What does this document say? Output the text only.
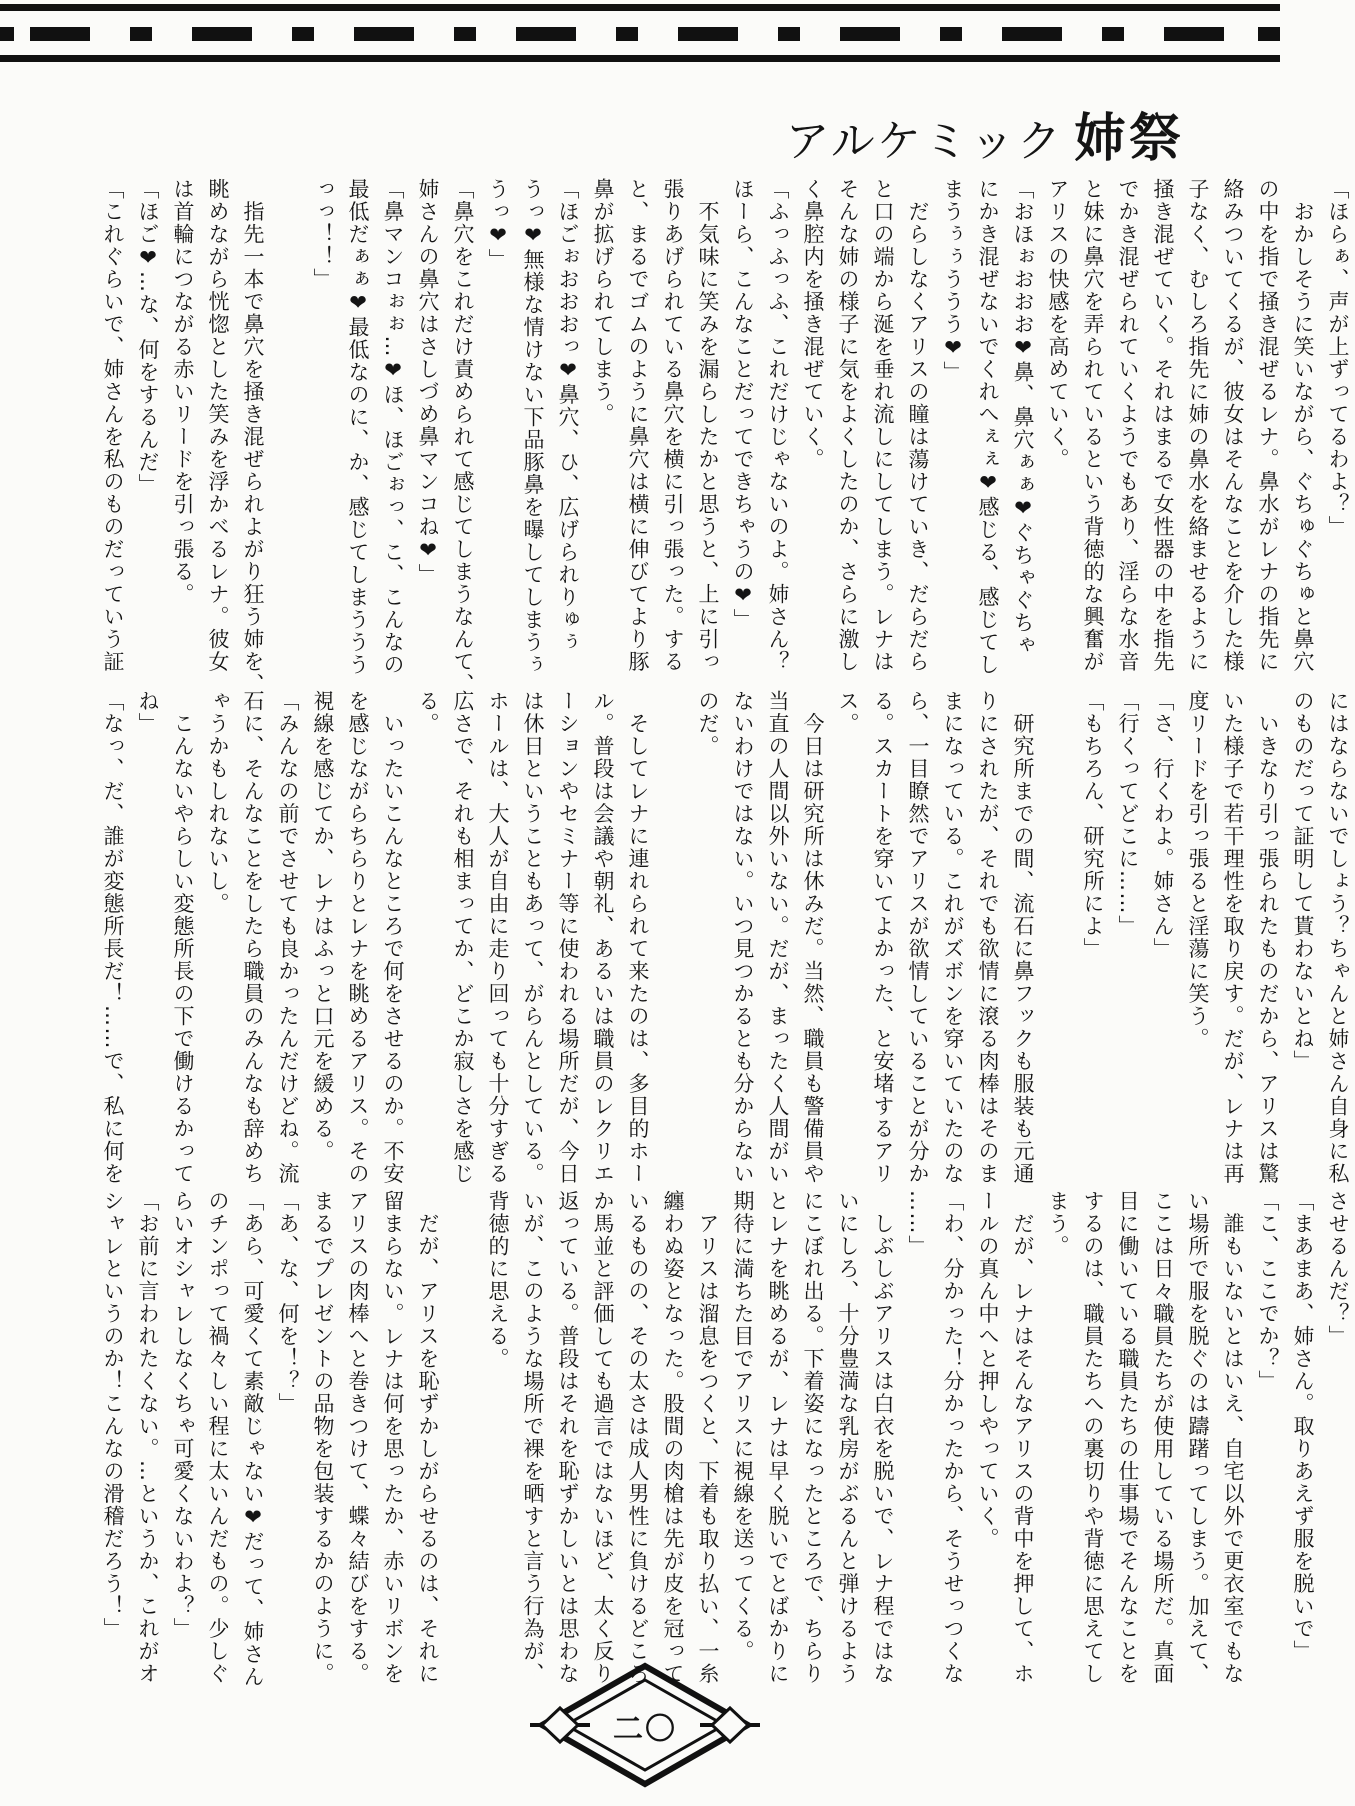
アルケミック 姉祭
「ほらぁ、声が上ずってるわよ？」
　おかしそうに笑いながら、ぐちゅぐちゅと鼻穴
の中を指で掻き混ぜるレナ。鼻水がレナの指先に
絡みついてくるが、彼女はそんなことを介した様
子なく、むしろ指先に姉の鼻水を絡ませるように
掻き混ぜていく。それはまるで女性器の中を指先
でかき混ぜられていくようでもあり、淫らな水音
と妹に鼻穴を弄られているという背徳的な興奮が
アリスの快感を高めていく。
「おほぉおおお❤鼻、鼻穴ぁぁ❤ぐちゃぐちゃ
にかき混ぜないでくれへぇぇ❤感じる、感じてし
まうぅぅううう❤」
　だらしなくアリスの瞳は蕩けていき、だらだら
と口の端から涎を垂れ流しにしてしまう。レナは
そんな姉の様子に気をよくしたのか、さらに激し
く鼻腔内を掻き混ぜていく。
「ふっふっふ、これだけじゃないのよ。姉さん？
ほーら、こんなことだってできちゃうの❤」
　不気味に笑みを漏らしたかと思うと、上に引っ
張りあげられている鼻穴を横に引っ張った。する
と、まるでゴムのように鼻穴は横に伸びてより豚
鼻が拡げられてしまう。
「ほごぉおおおっ❤鼻穴、ひ、広げられりゅぅ
うっ❤無様な情けない下品豚鼻を曝してしまうぅ
うっ❤」
「鼻穴をこれだけ責められて感じてしまうなんて、
姉さんの鼻穴はさしづめ鼻マンコね❤」
「鼻マンコぉぉ…❤ほ、ほごぉっ、こ、こんなの
最低だぁぁ❤最低なのに、か、感じてしまううう
っっ！！」

　指先一本で鼻穴を掻き混ぜられよがり狂う姉を、
眺めながら恍惚とした笑みを浮かべるレナ。彼女
は首輪につながる赤いリードを引っ張る。
「ほご❤…な、何をするんだ」
「これぐらいで、姉さんを私のものだっていう証
にはならないでしょう？ちゃんと姉さん自身に私
のものだって証明して貰わないとね」
　いきなり引っ張られたものだから、アリスは驚
いた様子で若干理性を取り戻す。だが、レナは再
度リードを引っ張ると淫蕩に笑う。
「さ、行くわよ。姉さん」
「行くってどこに……」
「もちろん、研究所によ」

　研究所までの間、流石に鼻フックも服装も元通
りにされたが、それでも欲情に滾る肉棒はそのま
まになっている。これがズボンを穿いていたのな
ら、一目瞭然でアリスが欲情していることが分か
る。スカートを穿いてよかった、と安堵するアリ
ス。
　今日は研究所は休みだ。当然、職員も警備員や
当直の人間以外いない。だが、まったく人間がい
ないわけではない。いつ見つかるとも分からない
のだ。

　そしてレナに連れられて来たのは、多目的ホー
ル。普段は会議や朝礼、あるいは職員のレクリエ
ーションやセミナー等に使われる場所だが、今日
は休日ということもあって、がらんとしている。
ホールは、大人が自由に走り回っても十分すぎる
広さで、それも相まってか、どこか寂しさを感じ
る。
　いったいこんなところで何をさせるのか。不安
を感じながらちらりとレナを眺めるアリス。その
視線を感じてか、レナはふっと口元を緩める。
「みんなの前でさせても良かったんだけどね。流
石に、そんなことをしたら職員のみんなも辞めち
ゃうかもしれないし。
　こんないやらしい変態所長の下で働けるかって
ね」
「なっ、だ、誰が変態所長だ！……で、私に何を
させるんだ？」
「まあまあ、姉さん。取りあえず服を脱いで」
「こ、ここでか？」
　誰もいないとはいえ、自宅以外で更衣室でもな
い場所で服を脱ぐのは躊躇ってしまう。加えて、
ここは日々職員たちが使用している場所だ。真面
目に働いている職員たちの仕事場でそんなことを
するのは、職員たちへの裏切りや背徳に思えてし
まう。
　だが、レナはそんなアリスの背中を押して、ホ
ールの真ん中へと押しやっていく。
「わ、分かった！分かったから、そうせっつくな
……」
　しぶしぶアリスは白衣を脱いで、レナ程ではな
いにしろ、十分豊満な乳房がぶるんと弾けるよう
にこぼれ出る。下着姿になったところで、ちらり
とレナを眺めるが、レナは早く脱いでとばかりに
期待に満ちた目でアリスに視線を送ってくる。
　アリスは溜息をつくと、下着も取り払い、一糸
纏わぬ姿となった。股間の肉槍は先が皮を冠って
いるものの、その太さは成人男性に負けるどころ
か馬並と評価しても過言ではないほど、太く反り
返っている。普段はそれを恥ずかしいとは思わな
いが、このような場所で裸を晒すと言う行為が、
背徳的に思える。

　だが、アリスを恥ずかしがらせるのは、それに
留まらない。レナは何を思ったか、赤いリボンを
アリスの肉棒へと巻きつけて、蝶々結びをする。
まるでプレゼントの品物を包装するかのように。
「あ、な、何を！？」
「あら、可愛くて素敵じゃない❤だって、姉さん
のチンポって禍々しい程に太いんだもの。少しぐ
らいオシャレしなくちゃ可愛くないわよ？」
「お前に言われたくない。…というか、これがオ
シャレというのか！こんなの滑稽だろう！」
二〇
